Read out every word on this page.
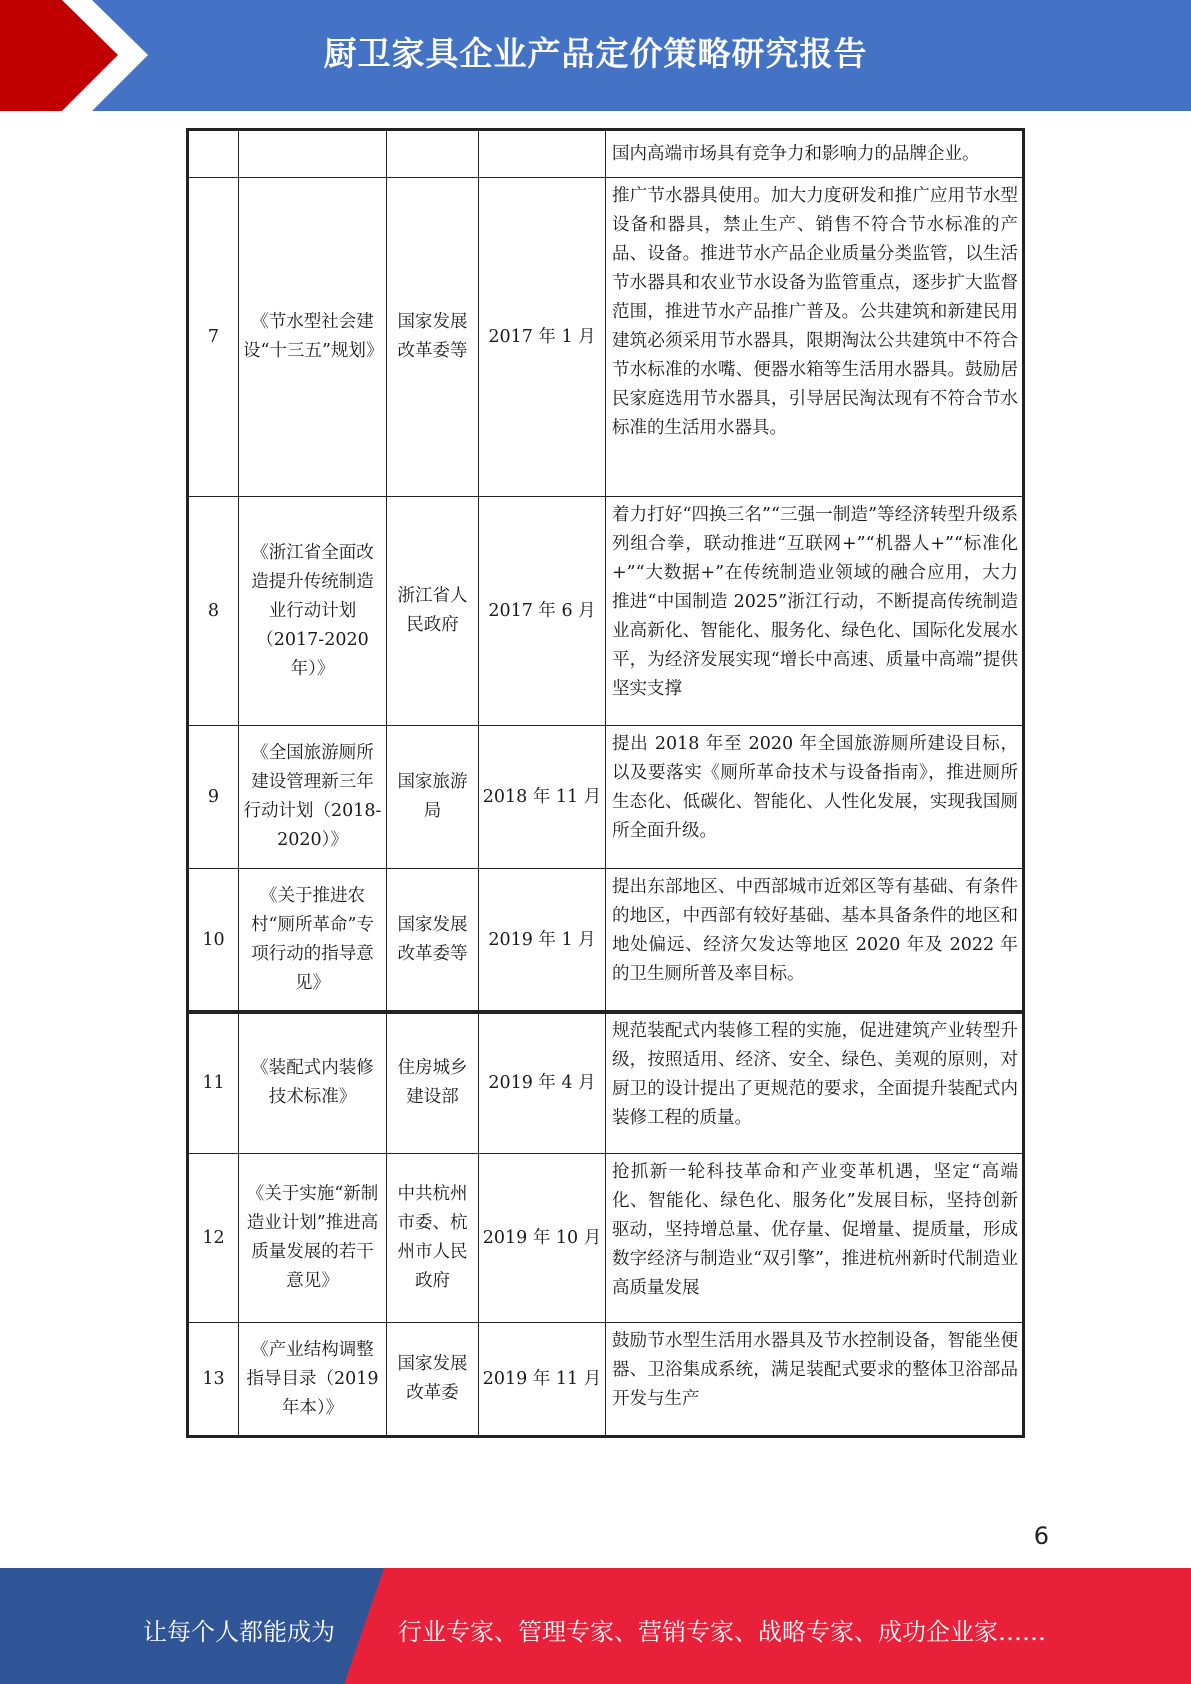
厨卫家具企业产品定价策略研究报告
				国内高端市场具有竞争力和影响力的品牌企业。
7	《节水型社会建设“十三五”规划》	国家发展改革委等	2017 年 1 月	推广节水器具使用。加大力度研发和推广应用节水型设备和器具，禁止生产、销售不符合节水标准的产品、设备。推进节水产品企业质量分类监管，以生活节水器具和农业节水设备为监管重点，逐步扩大监督范围，推进节水产品推广普及。公共建筑和新建民用建筑必须采用节水器具，限期淘汰公共建筑中不符合节水标准的水嘴、便器水箱等生活用水器具。鼓励居民家庭选用节水器具，引导居民淘汰现有不符合节水标准的生活用水器具。
8	《浙江省全面改造提升传统制造业行动计划（2017-2020年）》	浙江省人民政府	2017 年 6 月	着力打好“四换三名”“三强一制造”等经济转型升级系列组合拳，联动推进“互联网+”“机器人+”“标准化+”“大数据+”在传统制造业领域的融合应用，大力推进“中国制造 2025”浙江行动，不断提高传统制造业高新化、智能化、服务化、绿色化、国际化发展水平，为经济发展实现“增长中高速、质量中高端”提供坚实支撑
9	《全国旅游厕所建设管理新三年行动计划（2018-2020）》	国家旅游局	2018 年 11 月	提出 2018 年至 2020 年全国旅游厕所建设目标，以及要落实《厕所革命技术与设备指南》，推进厕所生态化、低碳化、智能化、人性化发展，实现我国厕所全面升级。
10	《关于推进农村“厕所革命”专项行动的指导意见》	国家发展改革委等	2019 年 1 月	提出东部地区、中西部城市近郊区等有基础、有条件的地区，中西部有较好基础、基本具备条件的地区和地处偏远、经济欠发达等地区 2020 年及 2022 年的卫生厕所普及率目标。
11	《装配式内装修技术标准》	住房城乡建设部	2019 年 4 月	规范装配式内装修工程的实施，促进建筑产业转型升级，按照适用、经济、安全、绿色、美观的原则，对厨卫的设计提出了更规范的要求，全面提升装配式内装修工程的质量。
12	《关于实施“新制造业计划”推进高质量发展的若干意见》	中共杭州市委、杭州市人民政府	2019 年 10 月	抢抓新一轮科技革命和产业变革机遇，坚定“高端化、智能化、绿色化、服务化”发展目标，坚持创新驱动，坚持增总量、优存量、促增量、提质量，形成数字经济与制造业“双引擎”，推进杭州新时代制造业高质量发展
13	《产业结构调整指导目录（2019年本）》	国家发展改革委	2019 年 11 月	鼓励节水型生活用水器具及节水控制设备，智能坐便器、卫浴集成系统，满足装配式要求的整体卫浴部品开发与生产
6
让每个人都能成为	行业专家、管理专家、营销专家、战略专家、成功企业家……
